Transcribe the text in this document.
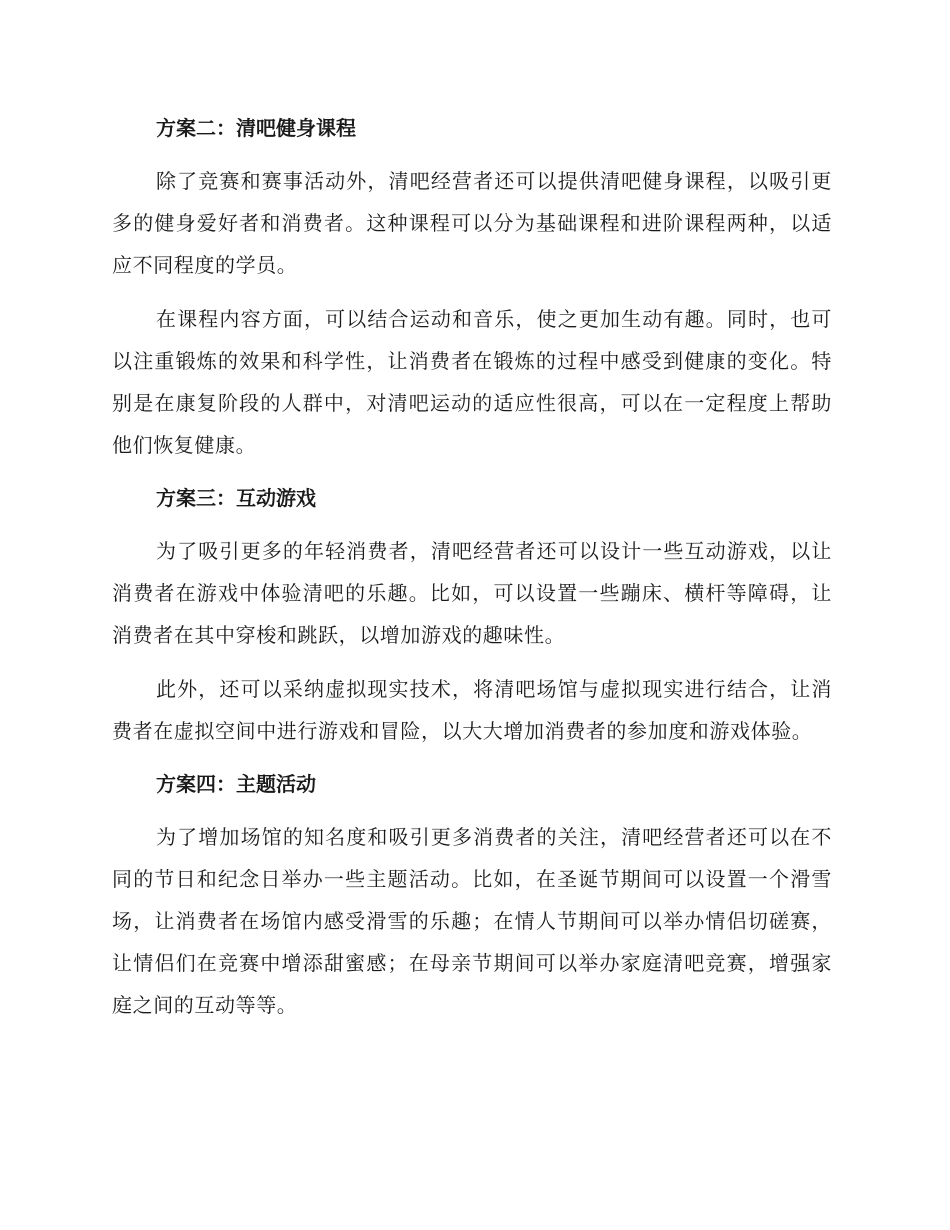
方案二：清吧健身课程

除了竞赛和赛事活动外，清吧经营者还可以提供清吧健身课程，以吸引更多的健身爱好者和消费者。这种课程可以分为基础课程和进阶课程两种，以适应不同程度的学员。

在课程内容方面，可以结合运动和音乐，使之更加生动有趣。同时，也可以注重锻炼的效果和科学性，让消费者在锻炼的过程中感受到健康的变化。特别是在康复阶段的人群中，对清吧运动的适应性很高，可以在一定程度上帮助他们恢复健康。

方案三：互动游戏

为了吸引更多的年轻消费者，清吧经营者还可以设计一些互动游戏，以让消费者在游戏中体验清吧的乐趣。比如，可以设置一些蹦床、横杆等障碍，让消费者在其中穿梭和跳跃，以增加游戏的趣味性。

此外，还可以采纳虚拟现实技术，将清吧场馆与虚拟现实进行结合，让消费者在虚拟空间中进行游戏和冒险，以大大增加消费者的参加度和游戏体验。

方案四：主题活动

为了增加场馆的知名度和吸引更多消费者的关注，清吧经营者还可以在不同的节日和纪念日举办一些主题活动。比如，在圣诞节期间可以设置一个滑雪场，让消费者在场馆内感受滑雪的乐趣；在情人节期间可以举办情侣切磋赛，让情侣们在竞赛中增添甜蜜感；在母亲节期间可以举办家庭清吧竞赛，增强家庭之间的互动等等。
